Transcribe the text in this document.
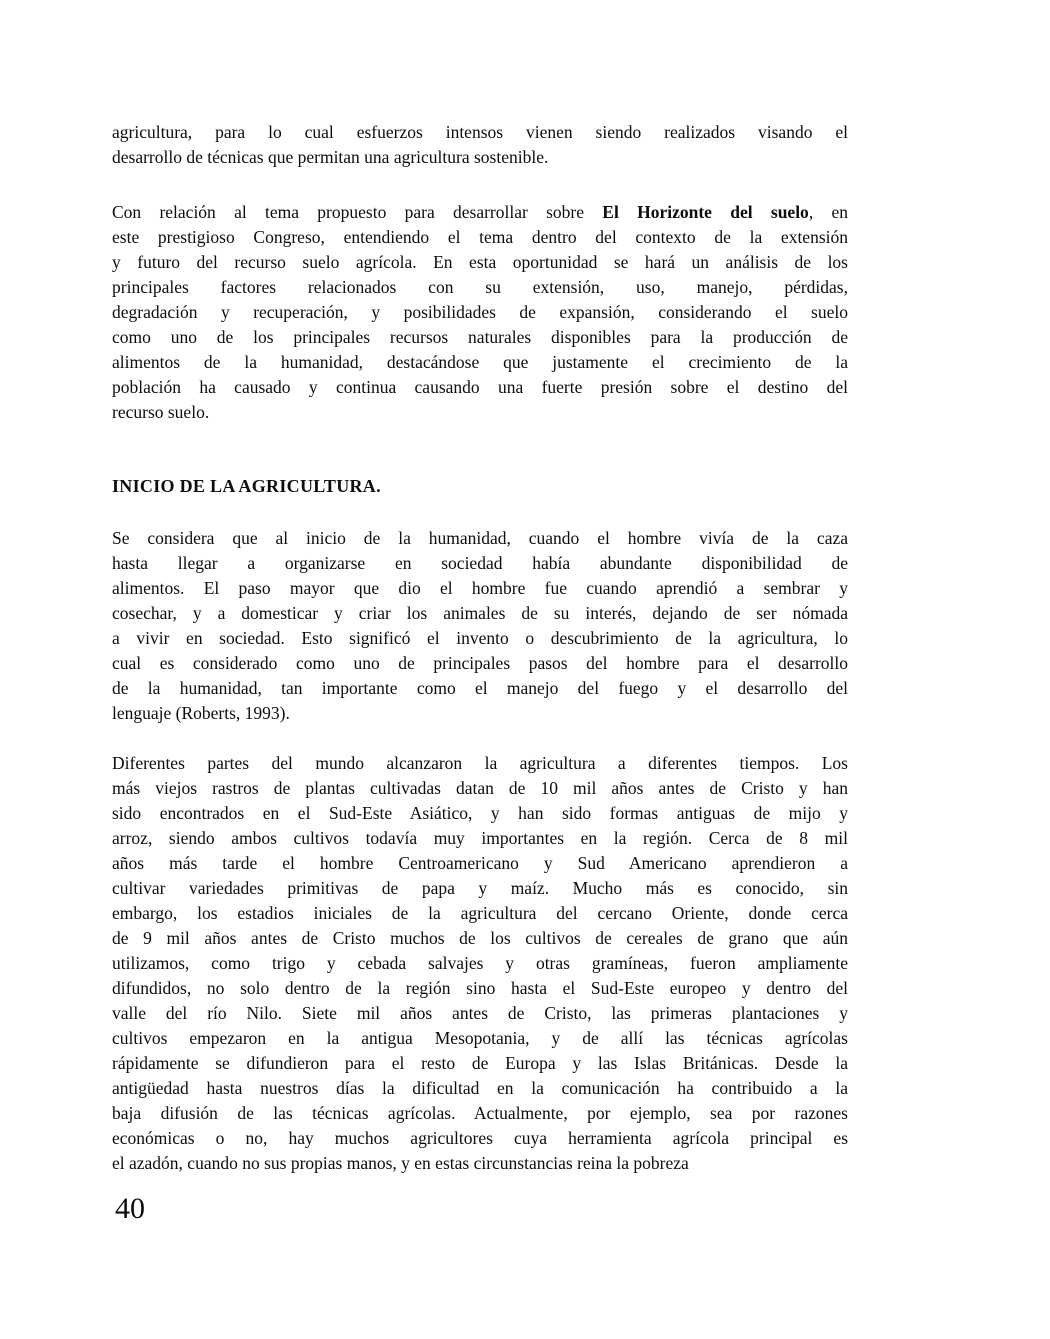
agricultura, para lo cual esfuerzos intensos vienen siendo realizados visando el
desarrollo de técnicas que permitan una agricultura sostenible.
Con relación al tema propuesto para desarrollar sobre El Horizonte del suelo, en
este prestigioso Congreso, entendiendo el tema dentro del contexto de la extensión
y futuro del recurso suelo agrícola. En esta oportunidad se hará un análisis de los
principales factores relacionados con su extensión, uso, manejo, pérdidas,
degradación y recuperación, y posibilidades de expansión, considerando el suelo
como uno de los principales recursos naturales disponibles para la producción de
alimentos de la humanidad, destacándose que justamente el crecimiento de la
población ha causado y continua causando una fuerte presión sobre el destino del
recurso suelo.
INICIO DE LA AGRICULTURA.
Se considera que al inicio de la humanidad, cuando el hombre vivía de la caza
hasta llegar a organizarse en sociedad había abundante disponibilidad de
alimentos. El paso mayor que dio el hombre fue cuando aprendió a sembrar y
cosechar, y a domesticar y criar los animales de su interés, dejando de ser nómada
a vivir en sociedad. Esto significó el invento o descubrimiento de la agricultura, lo
cual es considerado como uno de principales pasos del hombre para el desarrollo
de la humanidad, tan importante como el manejo del fuego y el desarrollo del
lenguaje (Roberts, 1993).
Diferentes partes del mundo alcanzaron la agricultura a diferentes tiempos. Los
más viejos rastros de plantas cultivadas datan de 10 mil años antes de Cristo y han
sido encontrados en el Sud-Este Asiático, y han sido formas antiguas de mijo y
arroz, siendo ambos cultivos todavía muy importantes en la región. Cerca de 8 mil
años más tarde el hombre Centroamericano y Sud Americano aprendieron a
cultivar variedades primitivas de papa y maíz. Mucho más es conocido, sin
embargo, los estadios iniciales de la agricultura del cercano Oriente, donde cerca
de 9 mil años antes de Cristo muchos de los cultivos de cereales de grano que aún
utilizamos, como trigo y cebada salvajes y otras gramíneas, fueron ampliamente
difundidos, no solo dentro de la región sino hasta el Sud-Este europeo y dentro del
valle del río Nilo. Siete mil años antes de Cristo, las primeras plantaciones y
cultivos empezaron en la antigua Mesopotania, y de allí las técnicas agrícolas
rápidamente se difundieron para el resto de Europa y las Islas Británicas. Desde la
antigüedad hasta nuestros días la dificultad en la comunicación ha contribuido a la
baja difusión de las técnicas agrícolas. Actualmente, por ejemplo, sea por razones
económicas o no, hay muchos agricultores cuya herramienta agrícola principal es
el azadón, cuando no sus propias manos, y en estas circunstancias reina la pobreza
40
